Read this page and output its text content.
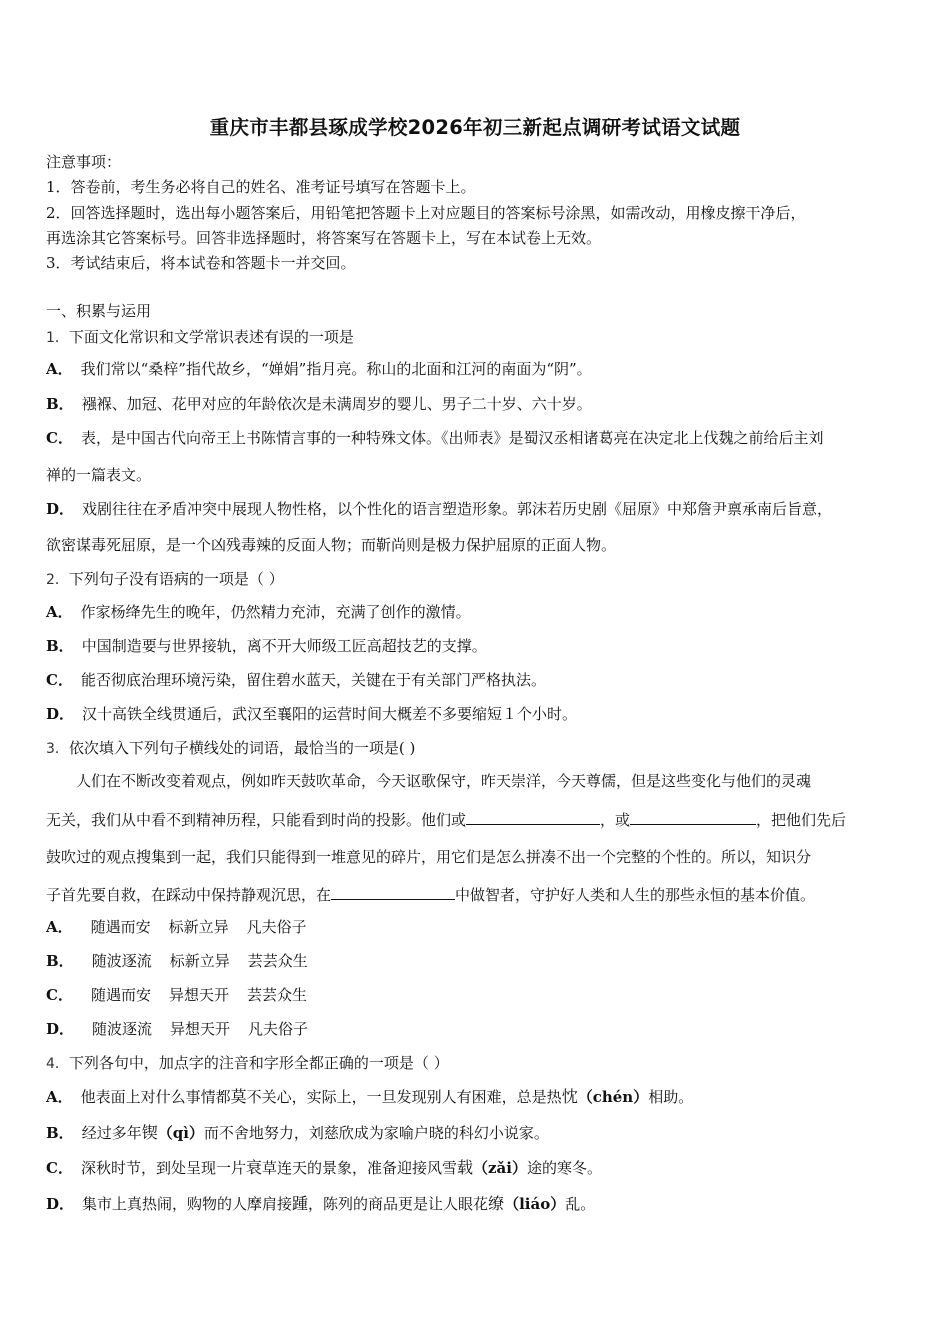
重庆市丰都县琢成学校2026年初三新起点调研考试语文试题
注意事项：
1．答卷前，考生务必将自己的姓名、准考证号填写在答题卡上。
2．回答选择题时，选出每小题答案后，用铅笔把答题卡上对应题目的答案标号涂黑，如需改动，用橡皮擦干净后，
再选涂其它答案标号。回答非选择题时，将答案写在答题卡上，写在本试卷上无效。
3．考试结束后，将本试卷和答题卡一并交回。
一、积累与运用
1．下面文化常识和文学常识表述有误的一项是
A． 我们常以“桑梓”指代故乡，“婵娟”指月亮。称山的北面和江河的南面为“阴”。
B． 襁褓、加冠、花甲对应的年龄依次是未满周岁的婴儿、男子二十岁、六十岁。
C． 表，是中国古代向帝王上书陈情言事的一种特殊文体。《出师表》是蜀汉丞相诸葛亮在决定北上伐魏之前给后主刘
禅的一篇表文。
D． 戏剧往往在矛盾冲突中展现人物性格，以个性化的语言塑造形象。郭沫若历史剧《屈原》中郑詹尹禀承南后旨意，
欲密谋毒死屈原，是一个凶残毒辣的反面人物；而靳尚则是极力保护屈原的正面人物。
2．下列句子没有语病的一项是（ ）
A． 作家杨绛先生的晚年，仍然精力充沛，充满了创作的激情。
B． 中国制造要与世界接轨，离不开大师级工匠高超技艺的支撑。
C． 能否彻底治理环境污染，留住碧水蓝天，关键在于有关部门严格执法。
D． 汉十高铁全线贯通后，武汉至襄阳的运营时间大概差不多要缩短１个小时。
3．依次填入下列句子横线处的词语，最恰当的一项是( )
人们在不断改变着观点，例如昨天鼓吹革命，今天讴歌保守，昨天崇洋，今天尊儒，但是这些变化与他们的灵魂
无关，我们从中看不到精神历程，只能看到时尚的投影。他们或	，或	，把他们先后
鼓吹过的观点搜集到一起，我们只能得到一堆意见的碎片，用它们是怎么拼凑不出一个完整的个性的。所以，知识分
子首先要自救，在踩动中保持静观沉思，在	中做智者，守护好人类和人生的那些永恒的基本价值。
A． 随遇而安 标新立异 凡夫俗子
B． 随波逐流 标新立异 芸芸众生
C． 随遇而安 异想天开 芸芸众生
D． 随波逐流 异想天开 凡夫俗子
4．下列各句中，加点字的注音和字形全都正确的一项是（ ）
A． 他表面上对什么事情都莫不关心，实际上，一旦发现别人有困难，总是热忱（chén）相助。
B． 经过多年锲（qì）而不舍地努力，刘慈欣成为家喻户晓的科幻小说家。
C． 深秋时节，到处呈现一片衰草连天的景象，准备迎接风雪载（zǎi）途的寒冬。
D． 集市上真热闹，购物的人摩肩接踵，陈列的商品更是让人眼花缭（liáo）乱。
